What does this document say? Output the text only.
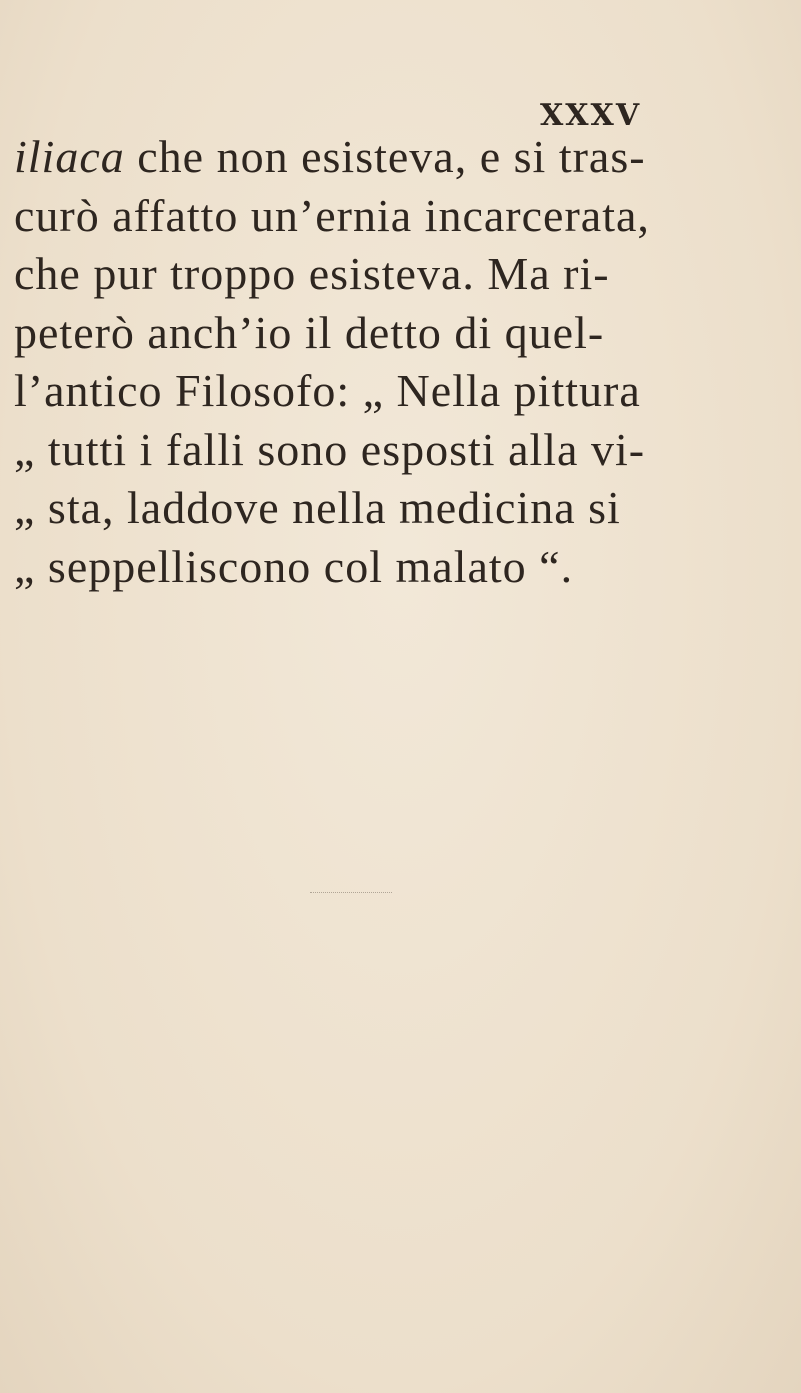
XXXV
iliaca che non esisteva, e si tras-
curò affatto un’ernia incarcerata,
che pur troppo esisteva. Ma ri-
peterò anch’io il detto di quel-
l’antico Filosofo: „ Nella pittura
„ tutti i falli sono esposti alla vi-
„ sta, laddove nella medicina si
„ seppelliscono col malato “.
